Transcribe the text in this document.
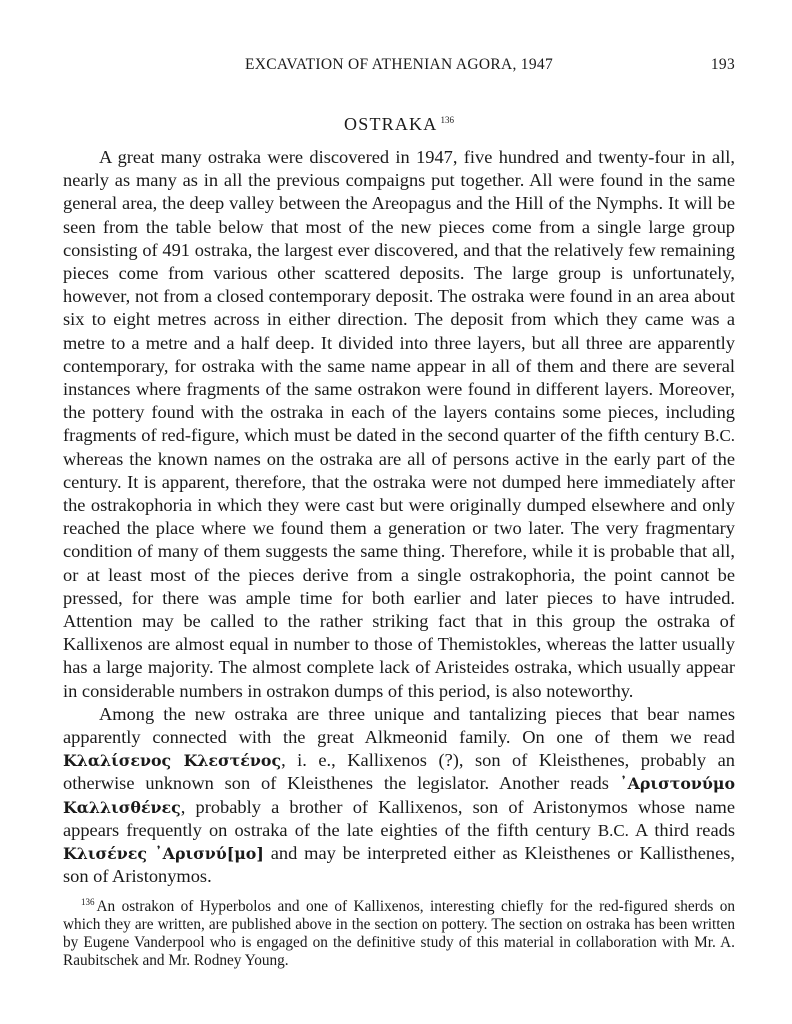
EXCAVATION OF ATHENIAN AGORA, 1947	193
OSTRAKA $^{136}$

A great many ostraka were discovered in 1947, five hundred and twenty-four in all, nearly as many as in all the previous compaigns put together. All were found in the same general area, the deep valley between the Areopagus and the Hill of the Nymphs. It will be seen from the table below that most of the new pieces come from a single large group consisting of 491 ostraka, the largest ever discovered, and that the relatively few remaining pieces come from various other scattered deposits. The large group is unfortunately, however, not from a closed contemporary deposit. The ostraka were found in an area about six to eight metres across in either direction. The deposit from which they came was a metre to a metre and a half deep. It divided into three layers, but all three are apparently contemporary, for ostraka with the same name appear in all of them and there are several instances where fragments of the same ostrakon were found in different layers. Moreover, the pottery found with the ostraka in each of the layers contains some pieces, including fragments of red-figure, which must be dated in the second quarter of the fifth century B.C. whereas the known names on the ostraka are all of persons active in the early part of the century. It is apparent, therefore, that the ostraka were not dumped here immediately after the ostrakophoria in which they were cast but were originally dumped elsewhere and only reached the place where we found them a generation or two later. The very fragmentary condition of many of them suggests the same thing. Therefore, while it is probable that all, or at least most of the pieces derive from a single ostrakophoria, the point cannot be pressed, for there was ample time for both earlier and later pieces to have intruded. Attention may be called to the rather striking fact that in this group the ostraka of Kallixenos are almost equal in number to those of Themistokles, whereas the latter usually has a large majority. The almost complete lack of Aristeides ostraka, which usually appear in considerable numbers in ostrakon dumps of this period, is also noteworthy.

Among the new ostraka are three unique and tantalizing pieces that bear names apparently connected with the great Alkmeonid family. On one of them we read Κλαλίσενος Κλεστένος, i. e., Kallixenos (?), son of Kleisthenes, probably an otherwise unknown son of Kleisthenes the legislator. Another reads ᾽Αριστονύμο Καλλισθένες, probably a brother of Kallixenos, son of Aristonymos whose name appears frequently on ostraka of the late eighties of the fifth century B.C. A third reads Κλισένες ᾽Αρισνύ[μο] and may be interpreted either as Kleisthenes or Kallisthenes, son of Aristonymos.

$^{136}$ An ostrakon of Hyperbolos and one of Kallixenos, interesting chiefly for the red-figured sherds on which they are written, are published above in the section on pottery. The section on ostraka has been written by Eugene Vanderpool who is engaged on the definitive study of this material in collaboration with Mr. A. Raubitschek and Mr. Rodney Young.
